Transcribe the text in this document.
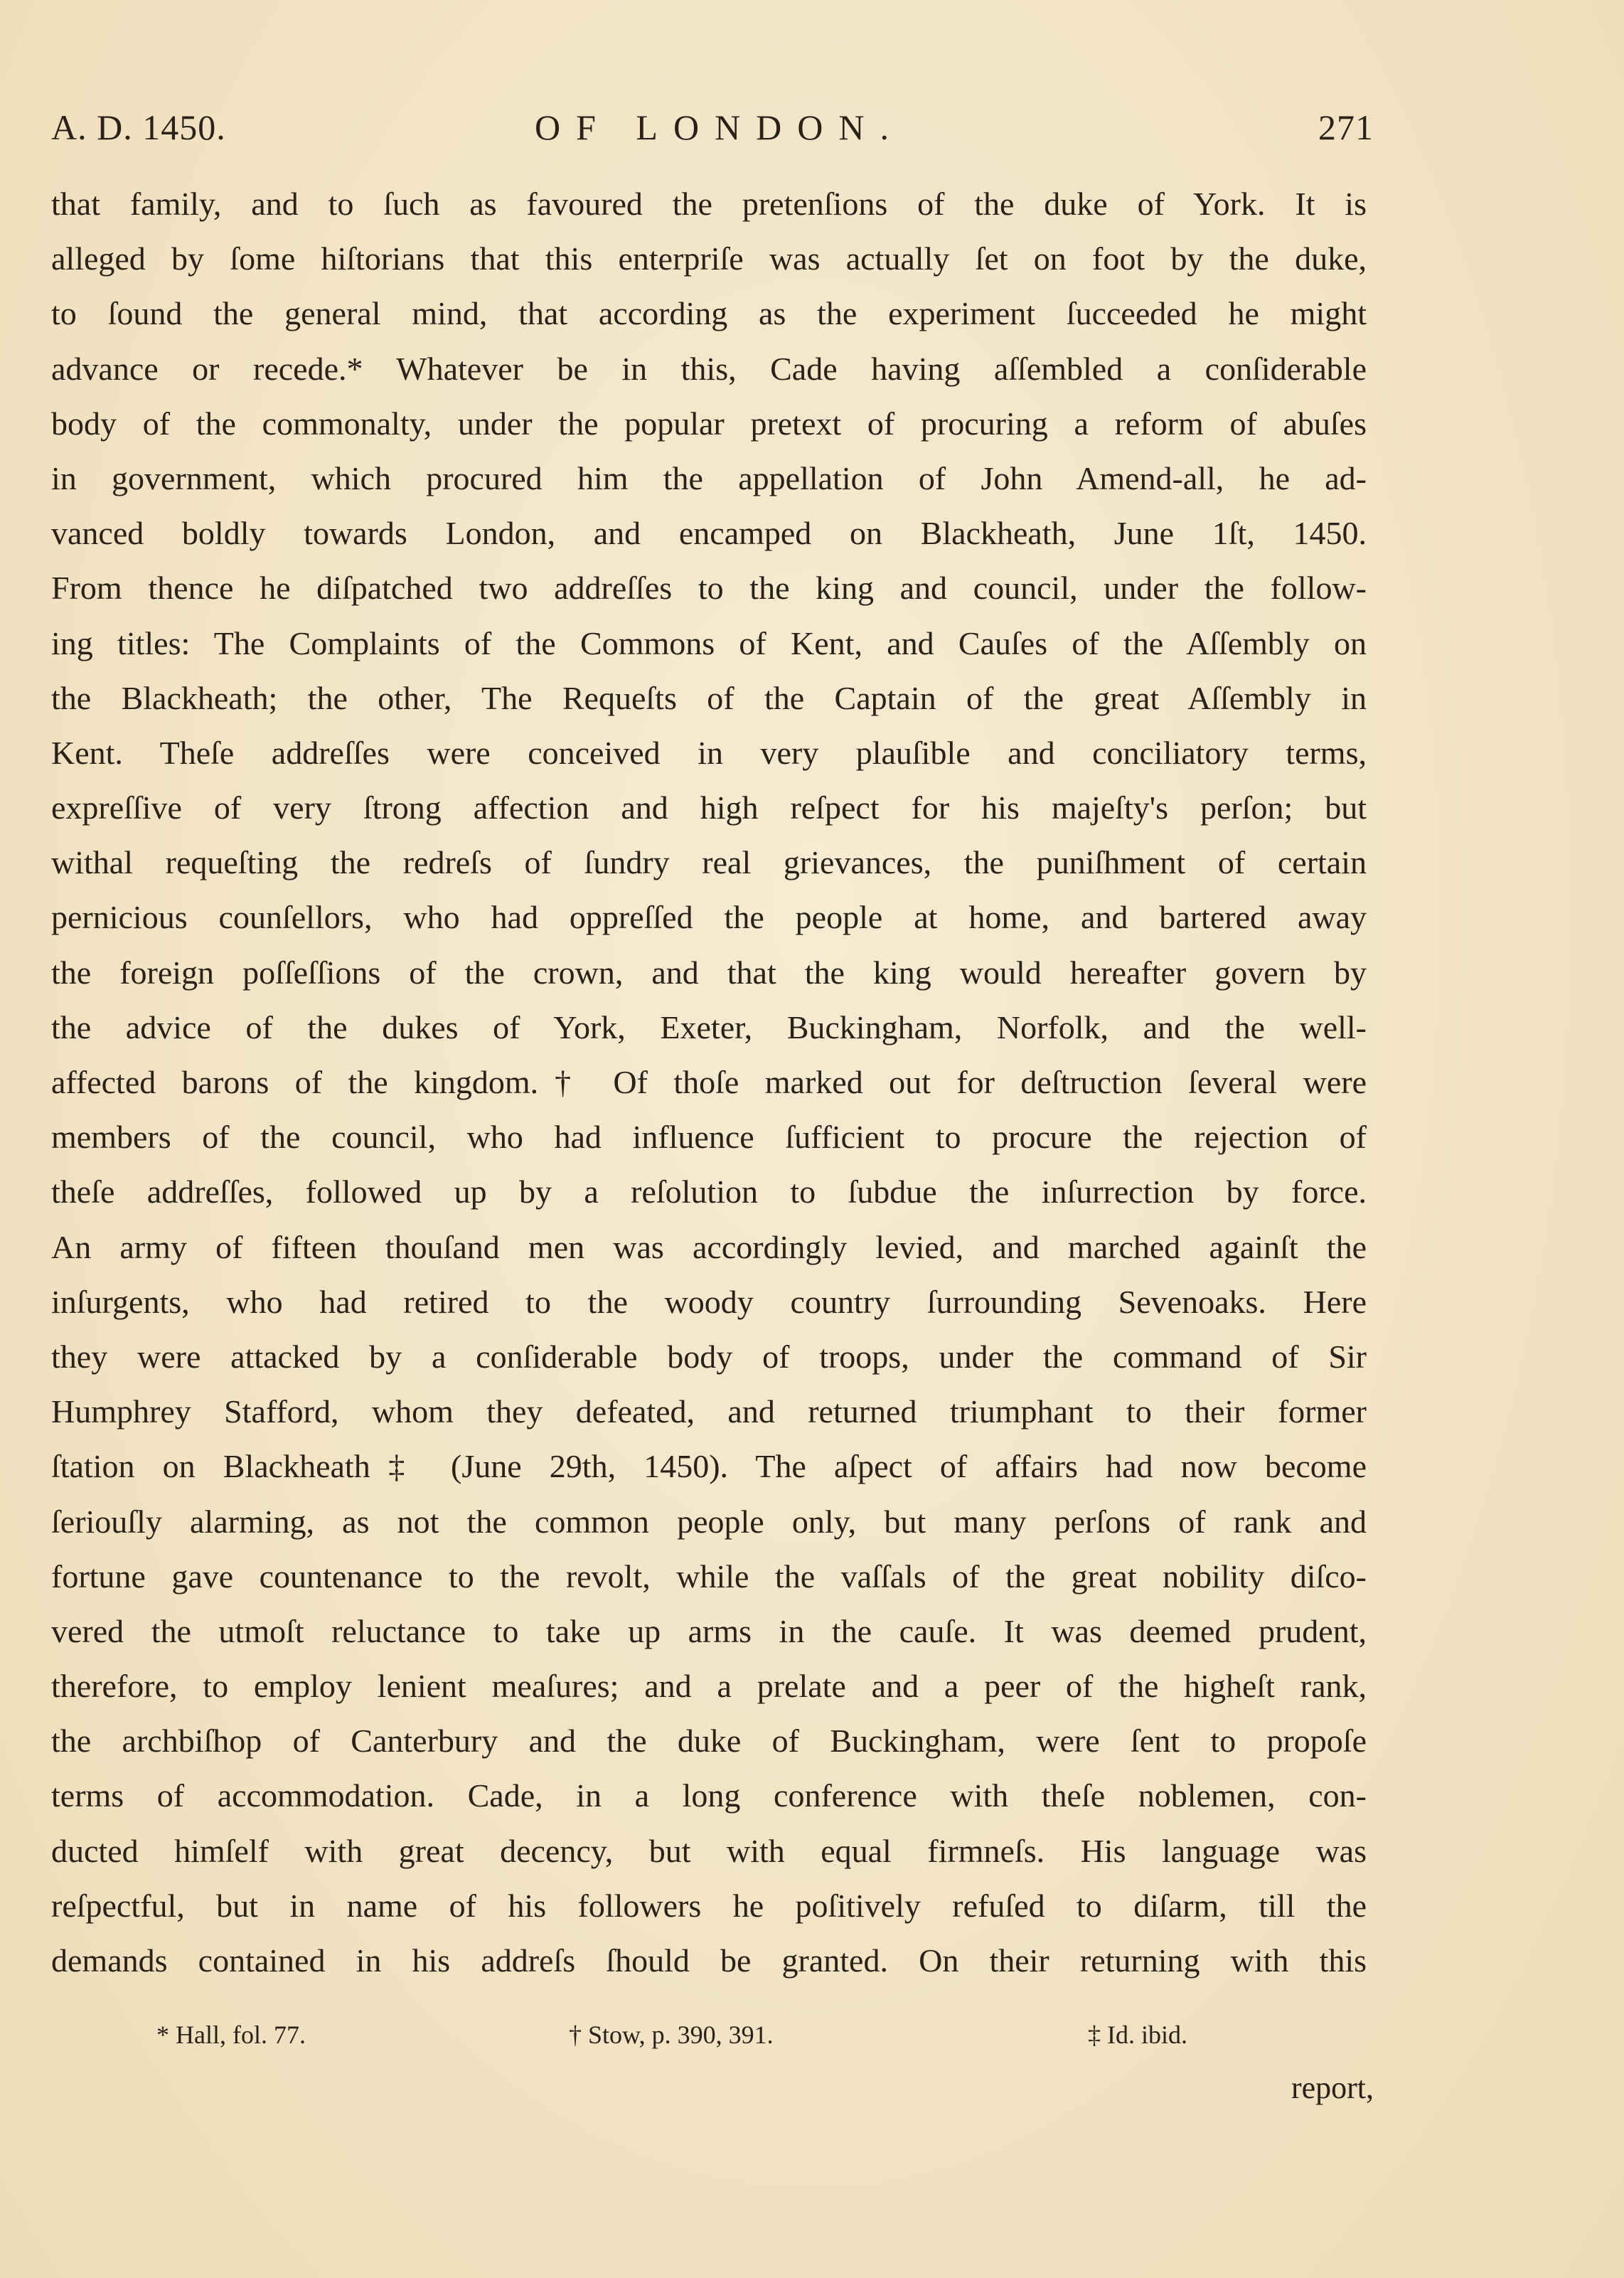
A. D. 1450.	OF LONDON.	271
that family, and to ſuch as favoured the pretenſions of the duke of York. It is
alleged by ſome hiſtorians that this enterpriſe was actually ſet on foot by the duke,
to ſound the general mind, that according as the experiment ſucceeded he might
advance or recede.* Whatever be in this, Cade having aſſembled a conſiderable
body of the commonalty, under the popular pretext of procuring a reform of abuſes
in government, which procured him the appellation of John Amend-all, he ad-
vanced boldly towards London, and encamped on Blackheath, June 1ſt, 1450.
From thence he diſpatched two addreſſes to the king and council, under the follow-
ing titles: The Complaints of the Commons of Kent, and Cauſes of the Aſſembly on
the Blackheath; the other, The Requeſts of the Captain of the great Aſſembly in
Kent. Theſe addreſſes were conceived in very plauſible and conciliatory terms,
expreſſive of very ſtrong affection and high reſpect for his majeſty's perſon; but
withal requeſting the redreſs of ſundry real grievances, the puniſhment of certain
pernicious counſellors, who had oppreſſed the people at home, and bartered away
the foreign poſſeſſions of the crown, and that the king would hereafter govern by
the advice of the dukes of York, Exeter, Buckingham, Norfolk, and the well-
affected barons of the kingdom.† Of thoſe marked out for deſtruction ſeveral were
members of the council, who had influence ſufficient to procure the rejection of
theſe addreſſes, followed up by a reſolution to ſubdue the inſurrection by force.
An army of fifteen thouſand men was accordingly levied, and marched againſt the
inſurgents, who had retired to the woody country ſurrounding Sevenoaks. Here
they were attacked by a conſiderable body of troops, under the command of Sir
Humphrey Stafford, whom they defeated, and returned triumphant to their former
ſtation on Blackheath‡ (June 29th, 1450). The aſpect of affairs had now become
ſeriouſly alarming, as not the common people only, but many perſons of rank and
fortune gave countenance to the revolt, while the vaſſals of the great nobility diſco-
vered the utmoſt reluctance to take up arms in the cauſe. It was deemed prudent,
therefore, to employ lenient meaſures; and a prelate and a peer of the higheſt rank,
the archbiſhop of Canterbury and the duke of Buckingham, were ſent to propoſe
terms of accommodation. Cade, in a long conference with theſe noblemen, con-
ducted himſelf with great decency, but with equal firmneſs. His language was
reſpectful, but in name of his followers he poſitively refuſed to diſarm, till the
demands contained in his addreſs ſhould be granted. On their returning with this
* Hall, fol. 77.	† Stow, p. 390, 391.	‡ Id. ibid.
report,
